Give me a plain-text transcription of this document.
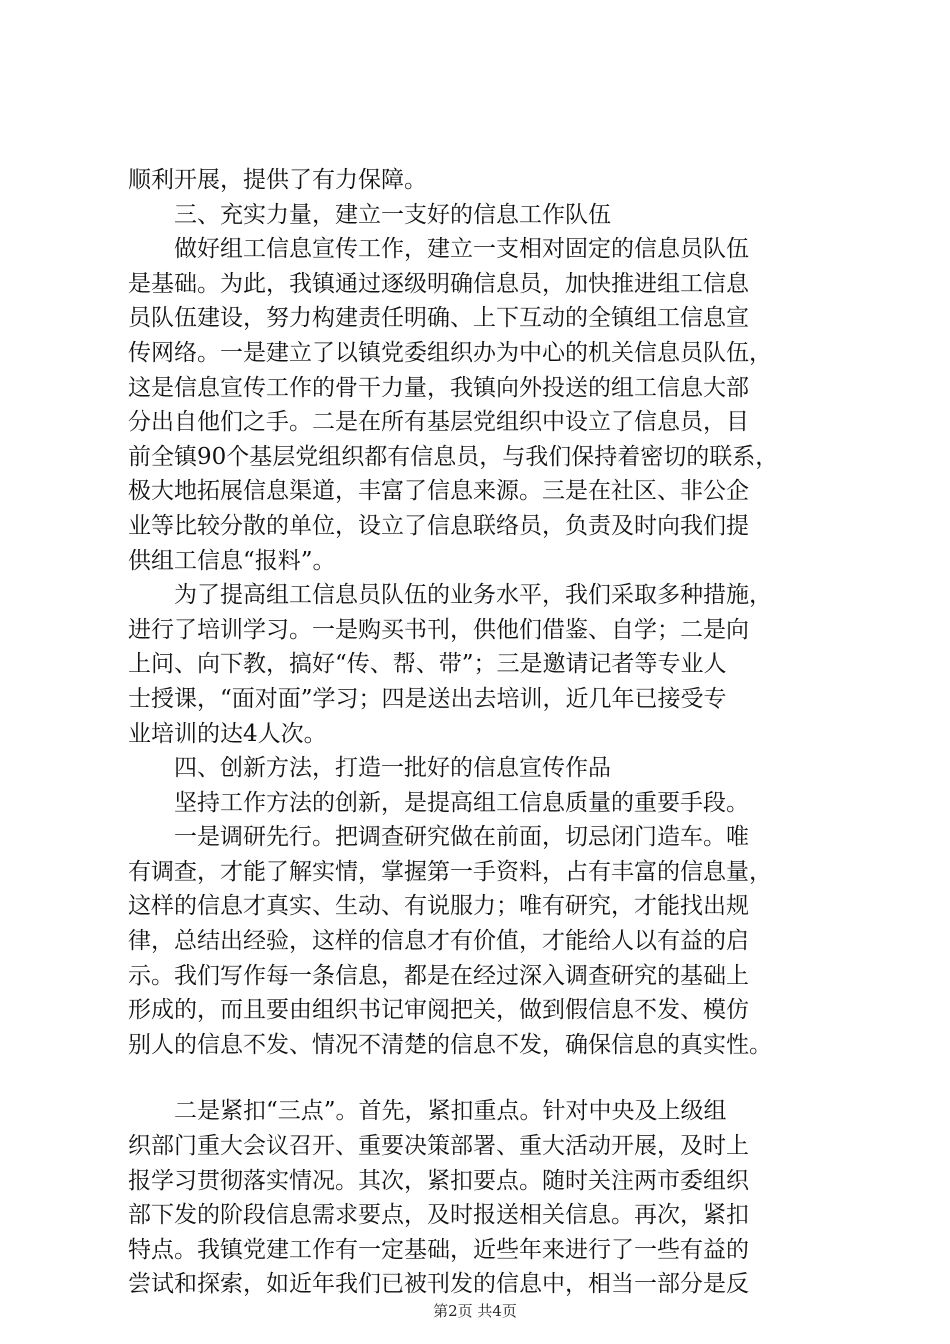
顺利开展，提供了有力保障。
三、充实力量，建立一支好的信息工作队伍
做好组工信息宣传工作，建立一支相对固定的信息员队伍
是基础。为此，我镇通过逐级明确信息员，加快推进组工信息
员队伍建设，努力构建责任明确、上下互动的全镇组工信息宣
传网络。一是建立了以镇党委组织办为中心的机关信息员队伍，
这是信息宣传工作的骨干力量，我镇向外投送的组工信息大部
分出自他们之手。二是在所有基层党组织中设立了信息员，目
前全镇90个基层党组织都有信息员，与我们保持着密切的联系，
极大地拓展信息渠道，丰富了信息来源。三是在社区、非公企
业等比较分散的单位，设立了信息联络员，负责及时向我们提
供组工信息“报料”。
为了提高组工信息员队伍的业务水平，我们采取多种措施，
进行了培训学习。一是购买书刊，供他们借鉴、自学；二是向
上问、向下教，搞好“传、帮、带”；三是邀请记者等专业人
士授课，“面对面”学习；四是送出去培训，近几年已接受专
业培训的达4人次。
四、创新方法，打造一批好的信息宣传作品
坚持工作方法的创新，是提高组工信息质量的重要手段。
一是调研先行。把调查研究做在前面，切忌闭门造车。唯
有调查，才能了解实情，掌握第一手资料，占有丰富的信息量，
这样的信息才真实、生动、有说服力；唯有研究，才能找出规
律，总结出经验，这样的信息才有价值，才能给人以有益的启
示。我们写作每一条信息，都是在经过深入调查研究的基础上
形成的，而且要由组织书记审阅把关，做到假信息不发、模仿
别人的信息不发、情况不清楚的信息不发，确保信息的真实性。
二是紧扣“三点”。首先，紧扣重点。针对中央及上级组
织部门重大会议召开、重要决策部署、重大活动开展，及时上
报学习贯彻落实情况。其次，紧扣要点。随时关注两市委组织
部下发的阶段信息需求要点，及时报送相关信息。再次，紧扣
特点。我镇党建工作有一定基础，近些年来进行了一些有益的
尝试和探索，如近年我们已被刊发的信息中，相当一部分是反
第2页 共4页
